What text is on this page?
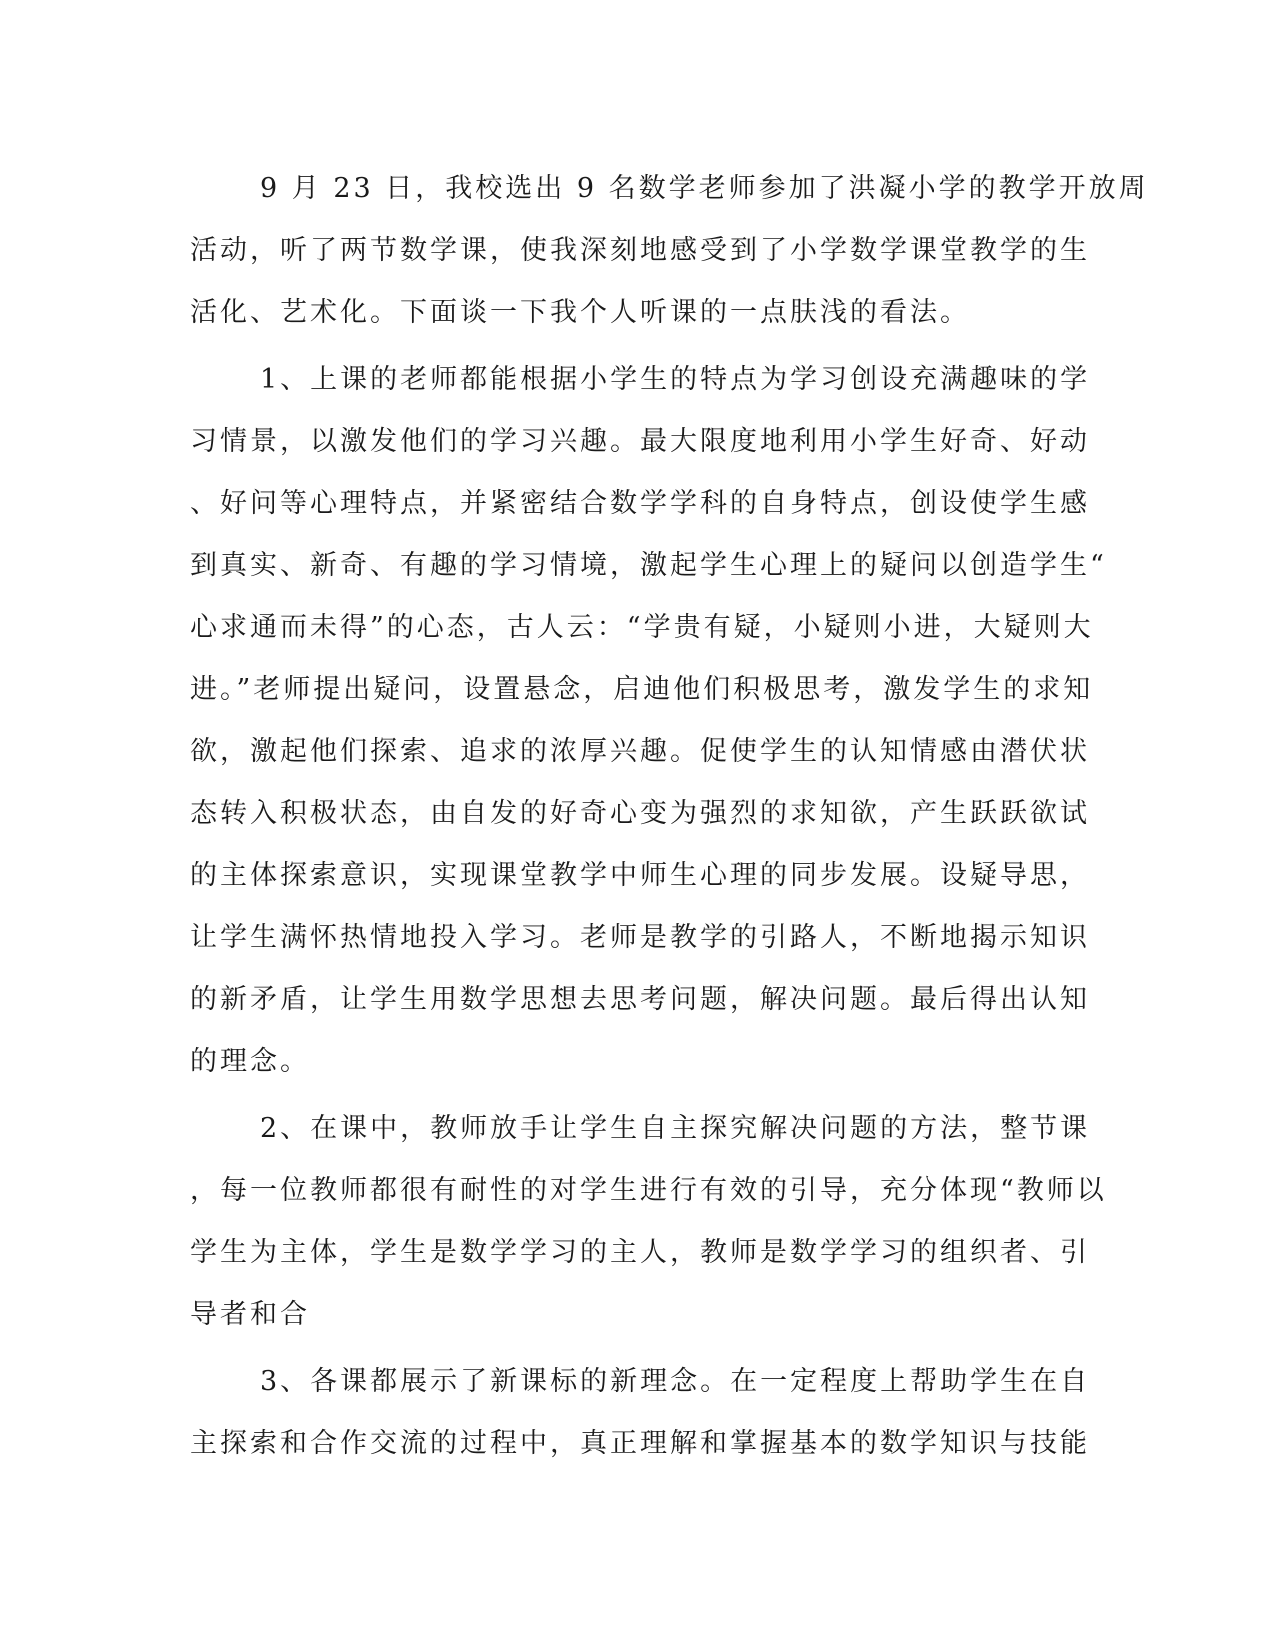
9 月 23 日，我校选出 9 名数学老师参加了洪凝小学的教学开放周
活动，听了两节数学课，使我深刻地感受到了小学数学课堂教学的生
活化、艺术化。下面谈一下我个人听课的一点肤浅的看法。
1、上课的老师都能根据小学生的特点为学习创设充满趣味的学
习情景，以激发他们的学习兴趣。最大限度地利用小学生好奇、好动
、好问等心理特点，并紧密结合数学学科的自身特点，创设使学生感
到真实、新奇、有趣的学习情境，激起学生心理上的疑问以创造学生“
心求通而未得”的心态，古人云：“学贵有疑，小疑则小进，大疑则大
进。”老师提出疑问，设置悬念，启迪他们积极思考，激发学生的求知
欲，激起他们探索、追求的浓厚兴趣。促使学生的认知情感由潜伏状
态转入积极状态，由自发的好奇心变为强烈的求知欲，产生跃跃欲试
的主体探索意识，实现课堂教学中师生心理的同步发展。设疑导思，
让学生满怀热情地投入学习。老师是教学的引路人，不断地揭示知识
的新矛盾，让学生用数学思想去思考问题，解决问题。最后得出认知
的理念。
2、在课中，教师放手让学生自主探究解决问题的方法，整节课
，每一位教师都很有耐性的对学生进行有效的引导，充分体现“教师以
学生为主体，学生是数学学习的主人，教师是数学学习的组织者、引
导者和合
3、各课都展示了新课标的新理念。在一定程度上帮助学生在自
主探索和合作交流的过程中，真正理解和掌握基本的数学知识与技能
